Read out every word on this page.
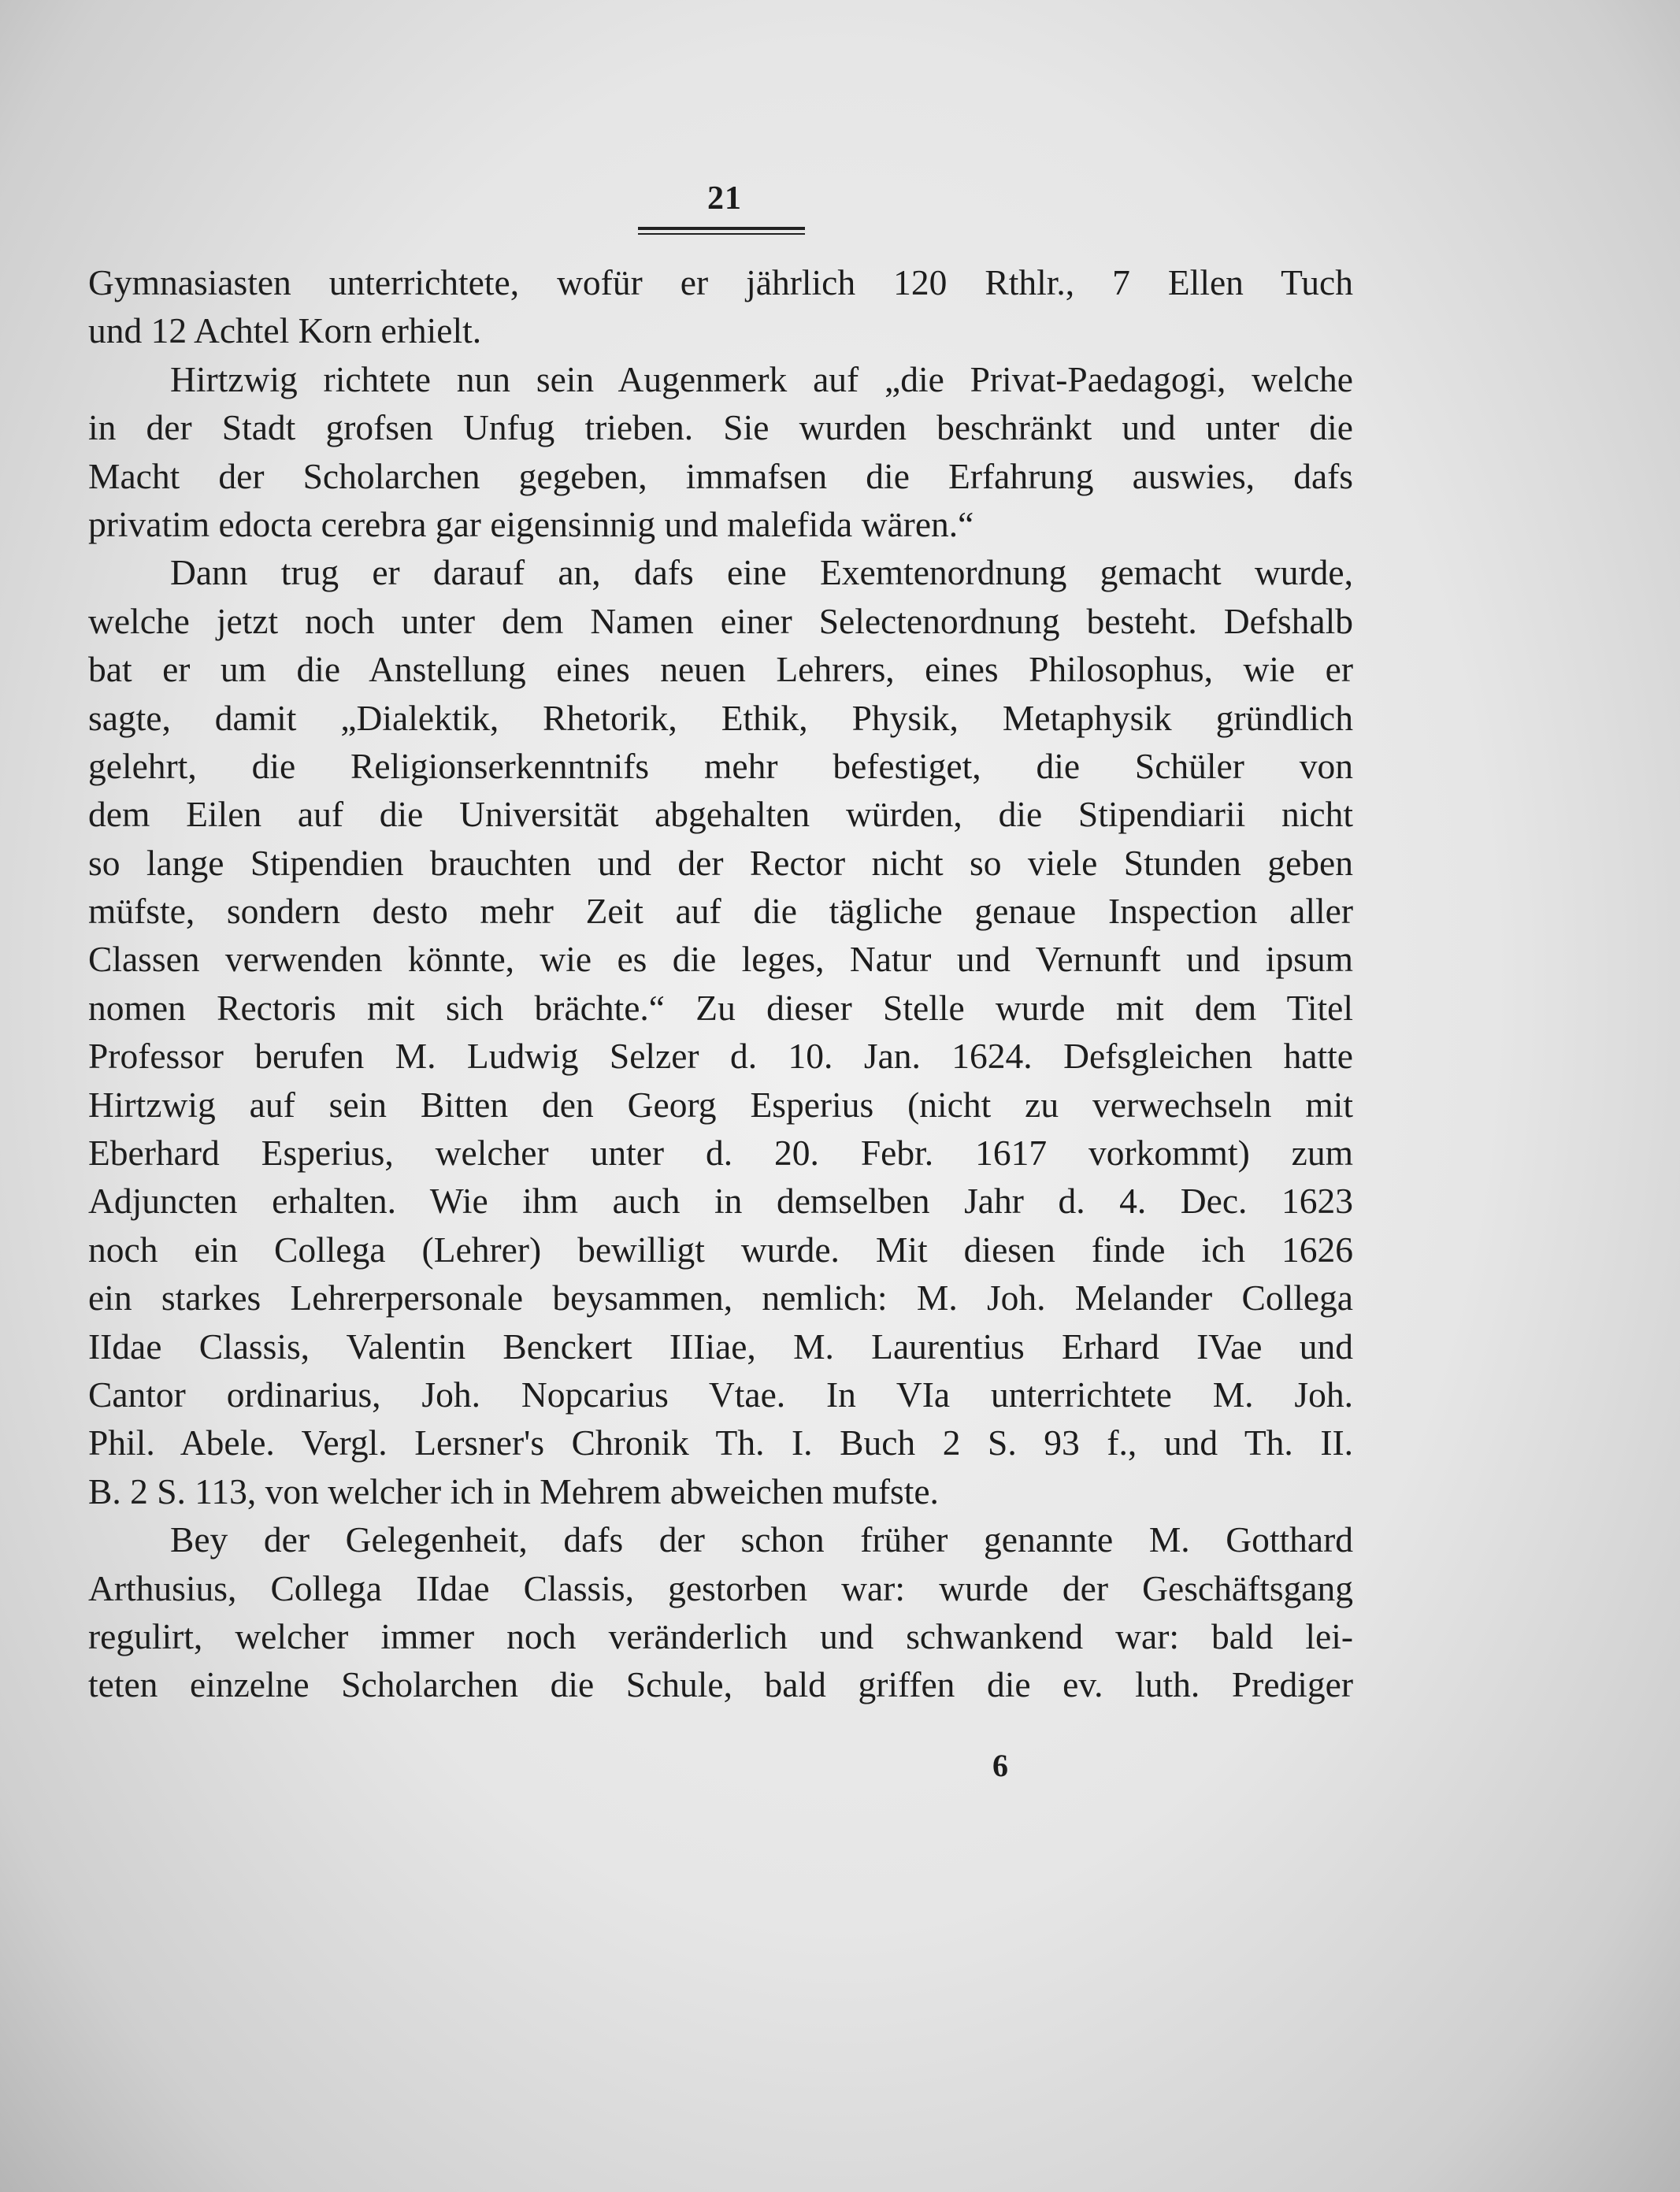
21
Gymnasiasten unterrichtete, wofür er jährlich 120 Rthlr., 7 Ellen Tuch
und 12 Achtel Korn erhielt.
Hirtzwig richtete nun sein Augenmerk auf „die Privat-Paedagogi, welche
in der Stadt grofsen Unfug trieben. Sie wurden beschränkt und unter die
Macht der Scholarchen gegeben, immafsen die Erfahrung auswies, dafs
privatim edocta cerebra gar eigensinnig und malefida wären.“
Dann trug er darauf an, dafs eine Exemtenordnung gemacht wurde,
welche jetzt noch unter dem Namen einer Selectenordnung besteht. Defshalb
bat er um die Anstellung eines neuen Lehrers, eines Philosophus, wie er
sagte, damit „Dialektik, Rhetorik, Ethik, Physik, Metaphysik gründlich
gelehrt, die Religionserkenntnifs mehr befestiget, die Schüler von
dem Eilen auf die Universität abgehalten würden, die Stipendiarii nicht
so lange Stipendien brauchten und der Rector nicht so viele Stunden geben
müfste, sondern desto mehr Zeit auf die tägliche genaue Inspection aller
Classen verwenden könnte, wie es die leges, Natur und Vernunft und ipsum
nomen Rectoris mit sich brächte.“ Zu dieser Stelle wurde mit dem Titel
Professor berufen M. Ludwig Selzer d. 10. Jan. 1624. Defsgleichen hatte
Hirtzwig auf sein Bitten den Georg Esperius (nicht zu verwechseln mit
Eberhard Esperius, welcher unter d. 20. Febr. 1617 vorkommt) zum
Adjuncten erhalten. Wie ihm auch in demselben Jahr d. 4. Dec. 1623
noch ein Collega (Lehrer) bewilligt wurde. Mit diesen finde ich 1626
ein starkes Lehrerpersonale beysammen, nemlich: M. Joh. Melander Collega
IIdae Classis, Valentin Benckert IIIiae, M. Laurentius Erhard IVae und
Cantor ordinarius, Joh. Nopcarius Vtae. In VIa unterrichtete M. Joh.
Phil. Abele. Vergl. Lersner's Chronik Th. I. Buch 2 S. 93 f., und Th. II.
B. 2 S. 113, von welcher ich in Mehrem abweichen mufste.
Bey der Gelegenheit, dafs der schon früher genannte M. Gotthard
Arthusius, Collega IIdae Classis, gestorben war: wurde der Geschäftsgang
regulirt, welcher immer noch veränderlich und schwankend war: bald lei-
teten einzelne Scholarchen die Schule, bald griffen die ev. luth. Prediger
6
